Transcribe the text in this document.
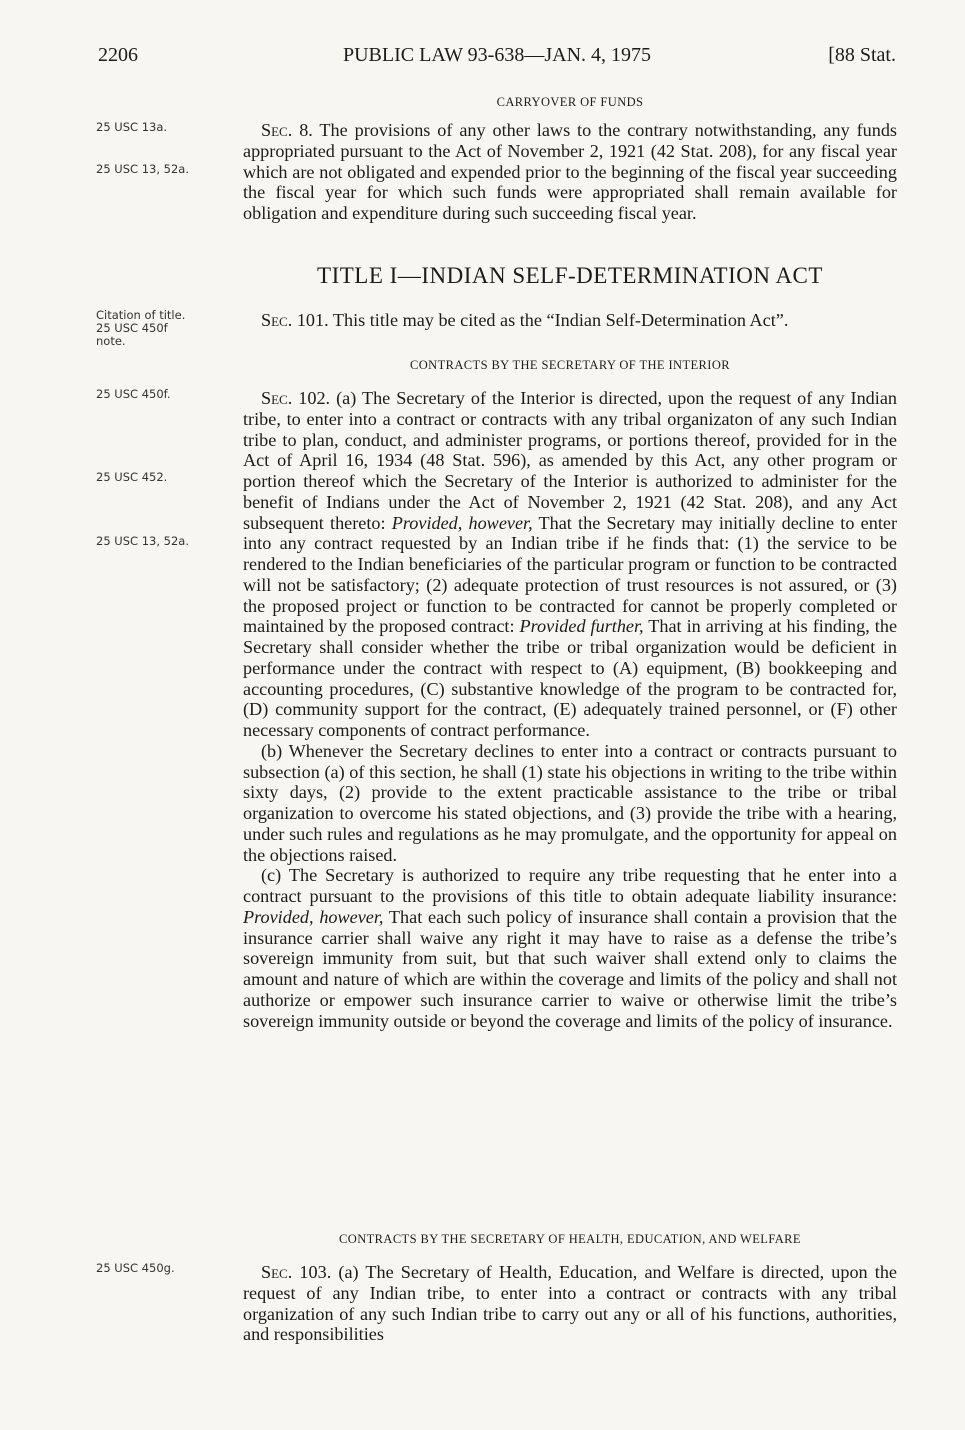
2206	PUBLIC LAW 93-638—JAN. 4, 1975	[88 Stat.
25 USC 13a.
25 USC 13, 52a.
Citation of title.
25 USC 450f
note.
25 USC 450f.
25 USC 452.
25 USC 13, 52a.
25 USC 450g.
CARRYOVER OF FUNDS

Sec. 8. The provisions of any other laws to the contrary notwithstanding, any funds appropriated pursuant to the Act of November 2, 1921 (42 Stat. 208), for any fiscal year which are not obligated and expended prior to the beginning of the fiscal year succeeding the fiscal year for which such funds were appropriated shall remain available for obligation and expenditure during such succeeding fiscal year.

TITLE I—INDIAN SELF-DETERMINATION ACT

Sec. 101. This title may be cited as the “Indian Self-Determination Act”.

CONTRACTS BY THE SECRETARY OF THE INTERIOR

Sec. 102. (a) The Secretary of the Interior is directed, upon the request of any Indian tribe, to enter into a contract or contracts with any tribal organizaton of any such Indian tribe to plan, conduct, and administer programs, or portions thereof, provided for in the Act of April 16, 1934 (48 Stat. 596), as amended by this Act, any other program or portion thereof which the Secretary of the Interior is authorized to administer for the benefit of Indians under the Act of November 2, 1921 (42 Stat. 208), and any Act subsequent thereto: Provided, however, That the Secretary may initially decline to enter into any contract requested by an Indian tribe if he finds that: (1) the service to be rendered to the Indian beneficiaries of the particular program or function to be contracted will not be satisfactory; (2) adequate protection of trust resources is not assured, or (3) the proposed project or function to be contracted for cannot be properly completed or maintained by the proposed contract: Provided further, That in arriving at his finding, the Secretary shall consider whether the tribe or tribal organization would be deficient in performance under the contract with respect to (A) equipment, (B) bookkeeping and accounting procedures, (C) substantive knowledge of the program to be contracted for, (D) community support for the contract, (E) adequately trained personnel, or (F) other necessary components of contract performance.

(b) Whenever the Secretary declines to enter into a contract or contracts pursuant to subsection (a) of this section, he shall (1) state his objections in writing to the tribe within sixty days, (2) provide to the extent practicable assistance to the tribe or tribal organization to overcome his stated objections, and (3) provide the tribe with a hearing, under such rules and regulations as he may promulgate, and the opportunity for appeal on the objections raised.

(c) The Secretary is authorized to require any tribe requesting that he enter into a contract pursuant to the provisions of this title to obtain adequate liability insurance: Provided, however, That each such policy of insurance shall contain a provision that the insurance carrier shall waive any right it may have to raise as a defense the tribe’s sovereign immunity from suit, but that such waiver shall extend only to claims the amount and nature of which are within the coverage and limits of the policy and shall not authorize or empower such insurance carrier to waive or otherwise limit the tribe’s sovereign immunity outside or beyond the coverage and limits of the policy of insurance.

CONTRACTS BY THE SECRETARY OF HEALTH, EDUCATION, AND WELFARE

Sec. 103. (a) The Secretary of Health, Education, and Welfare is directed, upon the request of any Indian tribe, to enter into a contract or contracts with any tribal organization of any such Indian tribe to carry out any or all of his functions, authorities, and responsibilities
